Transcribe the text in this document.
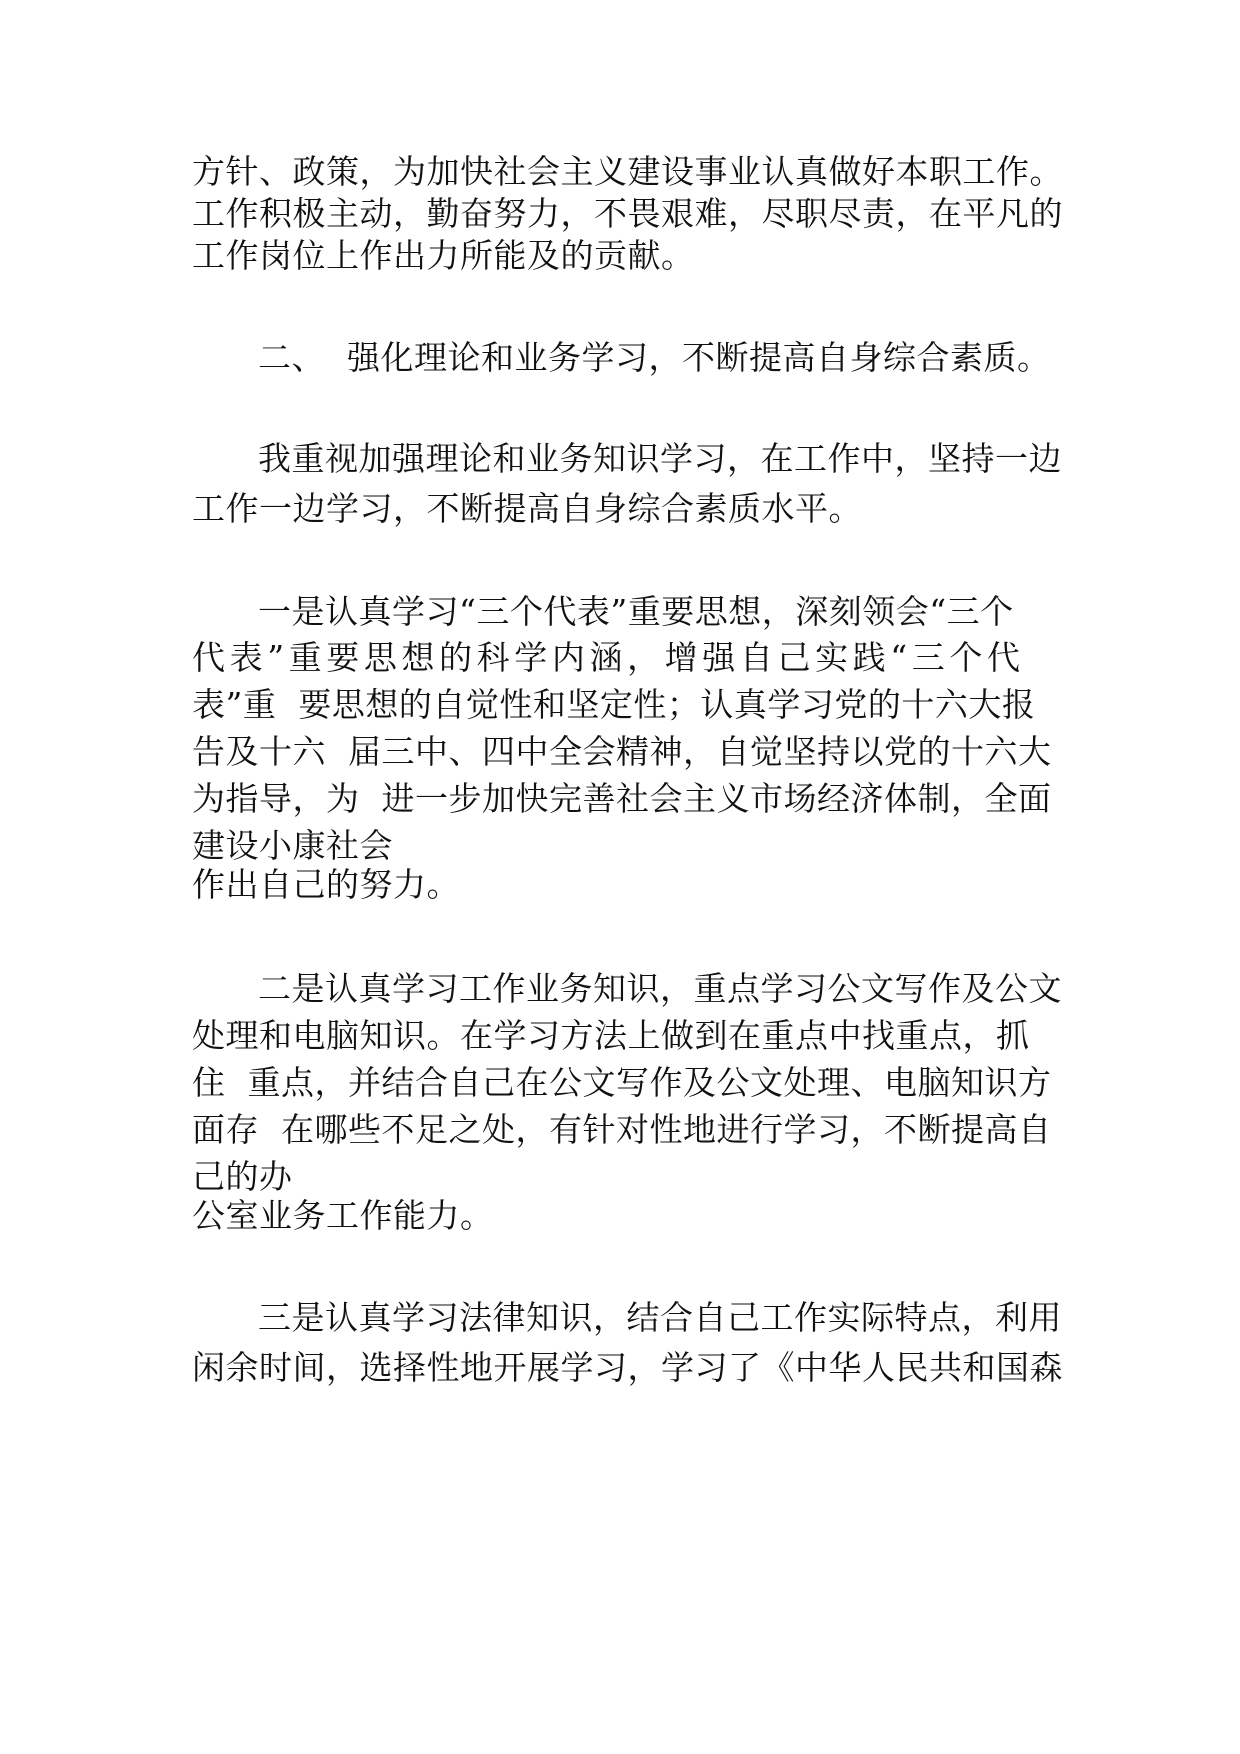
方针、政策，为加快社会主义建设事业认真做好本职工作。
工作积极主动，勤奋努力，不畏艰难，尽职尽责，在平凡的
工作岗位上作出力所能及的贡献。
二、  强化理论和业务学习，不断提高自身综合素质。
我重视加强理论和业务知识学习，在工作中，坚持一边
工作一边学习，不断提高自身综合素质水平。
一是认真学习“三个代表”重要思想，深刻领会“三个
代表”重要思想的科学内涵，增强自己实践“三个代
表”重  要思想的自觉性和坚定性；认真学习党的十六大报
告及十六  届三中、四中全会精神，自觉坚持以党的十六大
为指导，为  进一步加快完善社会主义市场经济体制，全面
建设小康社会
作出自己的努力。
二是认真学习工作业务知识，重点学习公文写作及公文
处理和电脑知识。在学习方法上做到在重点中找重点，抓
住  重点，并结合自己在公文写作及公文处理、电脑知识方
面存  在哪些不足之处，有针对性地进行学习，不断提高自
己的办
公室业务工作能力。
三是认真学习法律知识，结合自己工作实际特点，利用
闲余时间，选择性地开展学习，学习了《中华人民共和国森
